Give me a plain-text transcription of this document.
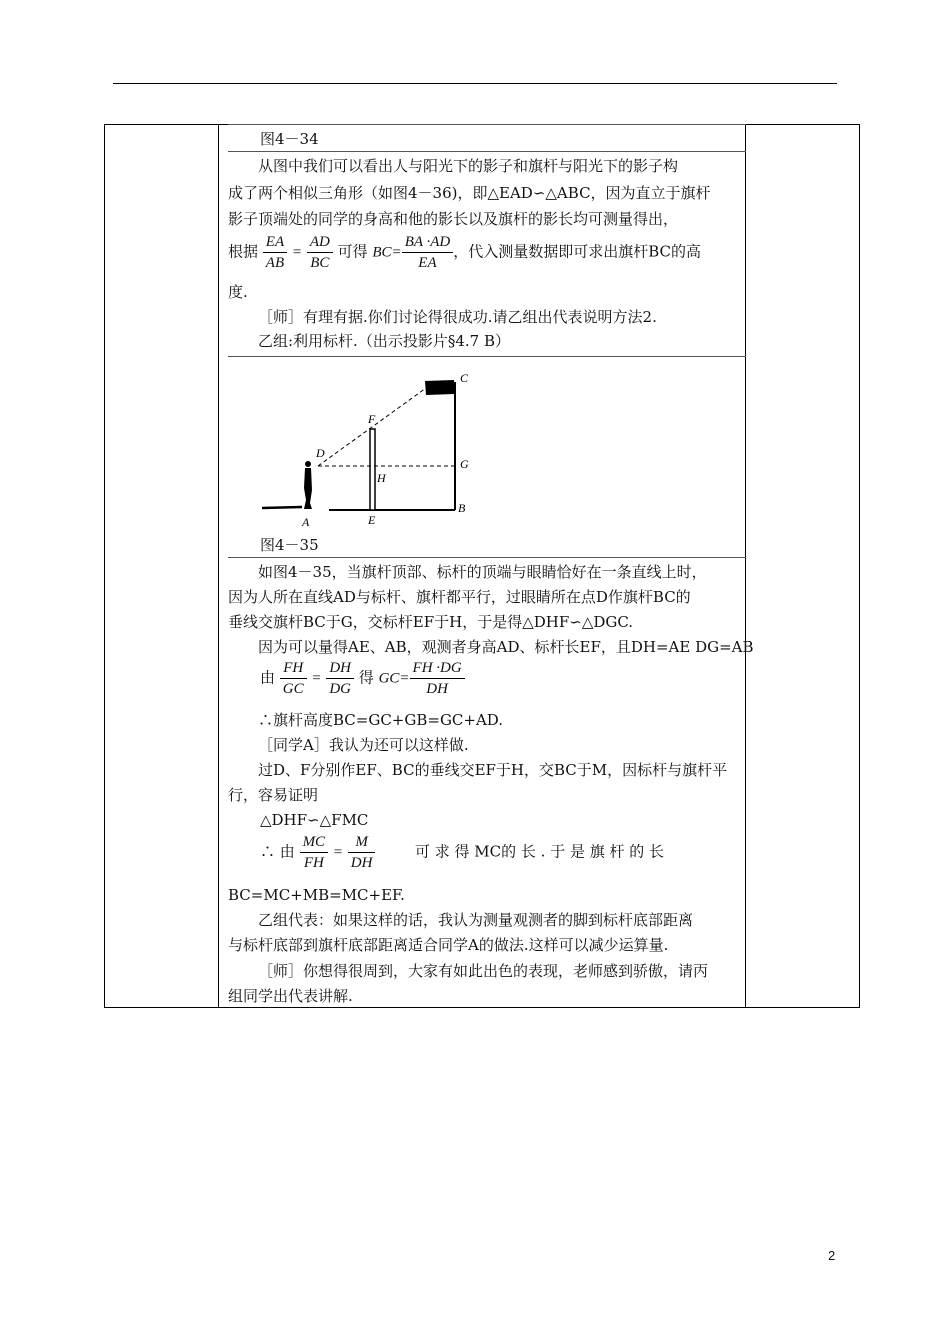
图4－34
从图中我们可以看出人与阳光下的影子和旗杆与阳光下的影子构
成了两个相似三角形（如图4－36)，即△EAD∽△ABC，因为直立于旗杆
影子顶端处的同学的身高和他的影长以及旗杆的影长均可测量得出，
根据 $\frac{EA}{AB} = \frac{AD}{BC}$ 可得 $BC= \frac{BA \cdot AD}{EA}$ ，代入测量数据即可求出旗杆BC的高
度.
［师］有理有据.你们讨论得很成功.请乙组出代表说明方法2.
乙组:利用标杆.（出示投影片§4.7 B）
图4－35
如图4－35，当旗杆顶部、标杆的顶端与眼睛恰好在一条直线上时，
因为人所在直线AD与标杆、旗杆都平行，过眼睛所在点D作旗杆BC的
垂线交旗杆BC于G，交标杆EF于H，于是得△DHF∽△DGC.
因为可以量得AE、AB，观测者身高AD、标杆长EF，且DH=AE DG=AB
由 $\frac{FH}{GC} = \frac{DH}{DG}$ 得 $GC= \frac{FH \cdot DG}{DH}$
∴旗杆高度BC=GC+GB=GC+AD.
［同学A］我认为还可以这样做.
过D、F分别作EF、BC的垂线交EF于H，交BC于M，因标杆与旗杆平
行，容易证明
△DHF∽△FMC
∴ 由 $\frac{MC}{FH} = \frac{M}{DH}$	可 求 得 MC的 长 . 于 是 旗 杆 的 长
BC=MC+MB=MC+EF.
乙组代表：如果这样的话，我认为测量观测者的脚到标杆底部距离
与标杆底部到旗杆底部距离适合同学A的做法.这样可以减少运算量.
［师］你想得很周到，大家有如此出色的表现，老师感到骄傲，请丙
组同学出代表讲解.
C
F
D
G
H
A	E
B
2
